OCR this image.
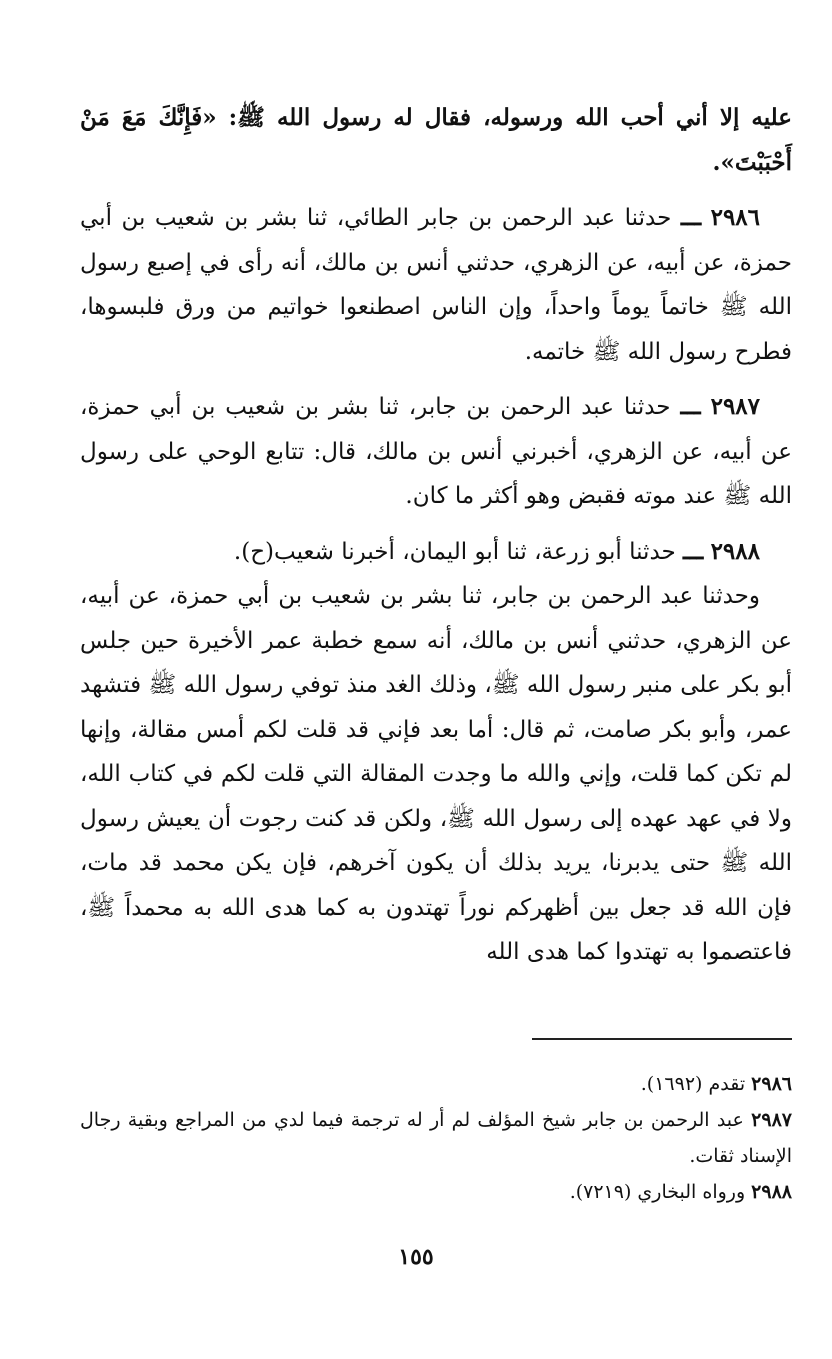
عليه إلا أني أحب الله ورسوله، فقال له رسول الله ﷺ: «فَإِنَّكَ مَعَ مَنْ أَحْبَبْتَ».

٢٩٨٦ ـــ حدثنا عبد الرحمن بن جابر الطائي، ثنا بشر بن شعيب بن أبي حمزة، عن أبيه، عن الزهري، حدثني أنس بن مالك، أنه رأى في إصبع رسول الله ﷺ خاتماً يوماً واحداً، وإن الناس اصطنعوا خواتيم من ورق فلبسوها، فطرح رسول الله ﷺ خاتمه.

٢٩٨٧ ـــ حدثنا عبد الرحمن بن جابر، ثنا بشر بن شعيب بن أبي حمزة، عن أبيه، عن الزهري، أخبرني أنس بن مالك، قال: تتابع الوحي على رسول الله ﷺ عند موته فقبض وهو أكثر ما كان.

٢٩٨٨ ـــ حدثنا أبو زرعة، ثنا أبو اليمان، أخبرنا شعيب(ح).

وحدثنا عبد الرحمن بن جابر، ثنا بشر بن شعيب بن أبي حمزة، عن أبيه، عن الزهري، حدثني أنس بن مالك، أنه سمع خطبة عمر الأخيرة حين جلس أبو بكر على منبر رسول الله ﷺ، وذلك الغد منذ توفي رسول الله ﷺ فتشهد عمر، وأبو بكر صامت، ثم قال: أما بعد فإني قد قلت لكم أمس مقالة، وإنها لم تكن كما قلت، وإني والله ما وجدت المقالة التي قلت لكم في كتاب الله، ولا في عهد عهده إلى رسول الله ﷺ، ولكن قد كنت رجوت أن يعيش رسول الله ﷺ حتى يدبرنا، يريد بذلك أن يكون آخرهم، فإن يكن محمد قد مات، فإن الله قد جعل بين أظهركم نوراً تهتدون به كما هدى الله به محمداً ﷺ، فاعتصموا به تهتدوا كما هدى الله

٢٩٨٦ تقدم (١٦٩٢).

٢٩٨٧ عبد الرحمن بن جابر شيخ المؤلف لم أر له ترجمة فيما لدي من المراجع وبقية رجال الإسناد ثقات.

٢٩٨٨ ورواه البخاري (٧٢١٩).

١٥٥
